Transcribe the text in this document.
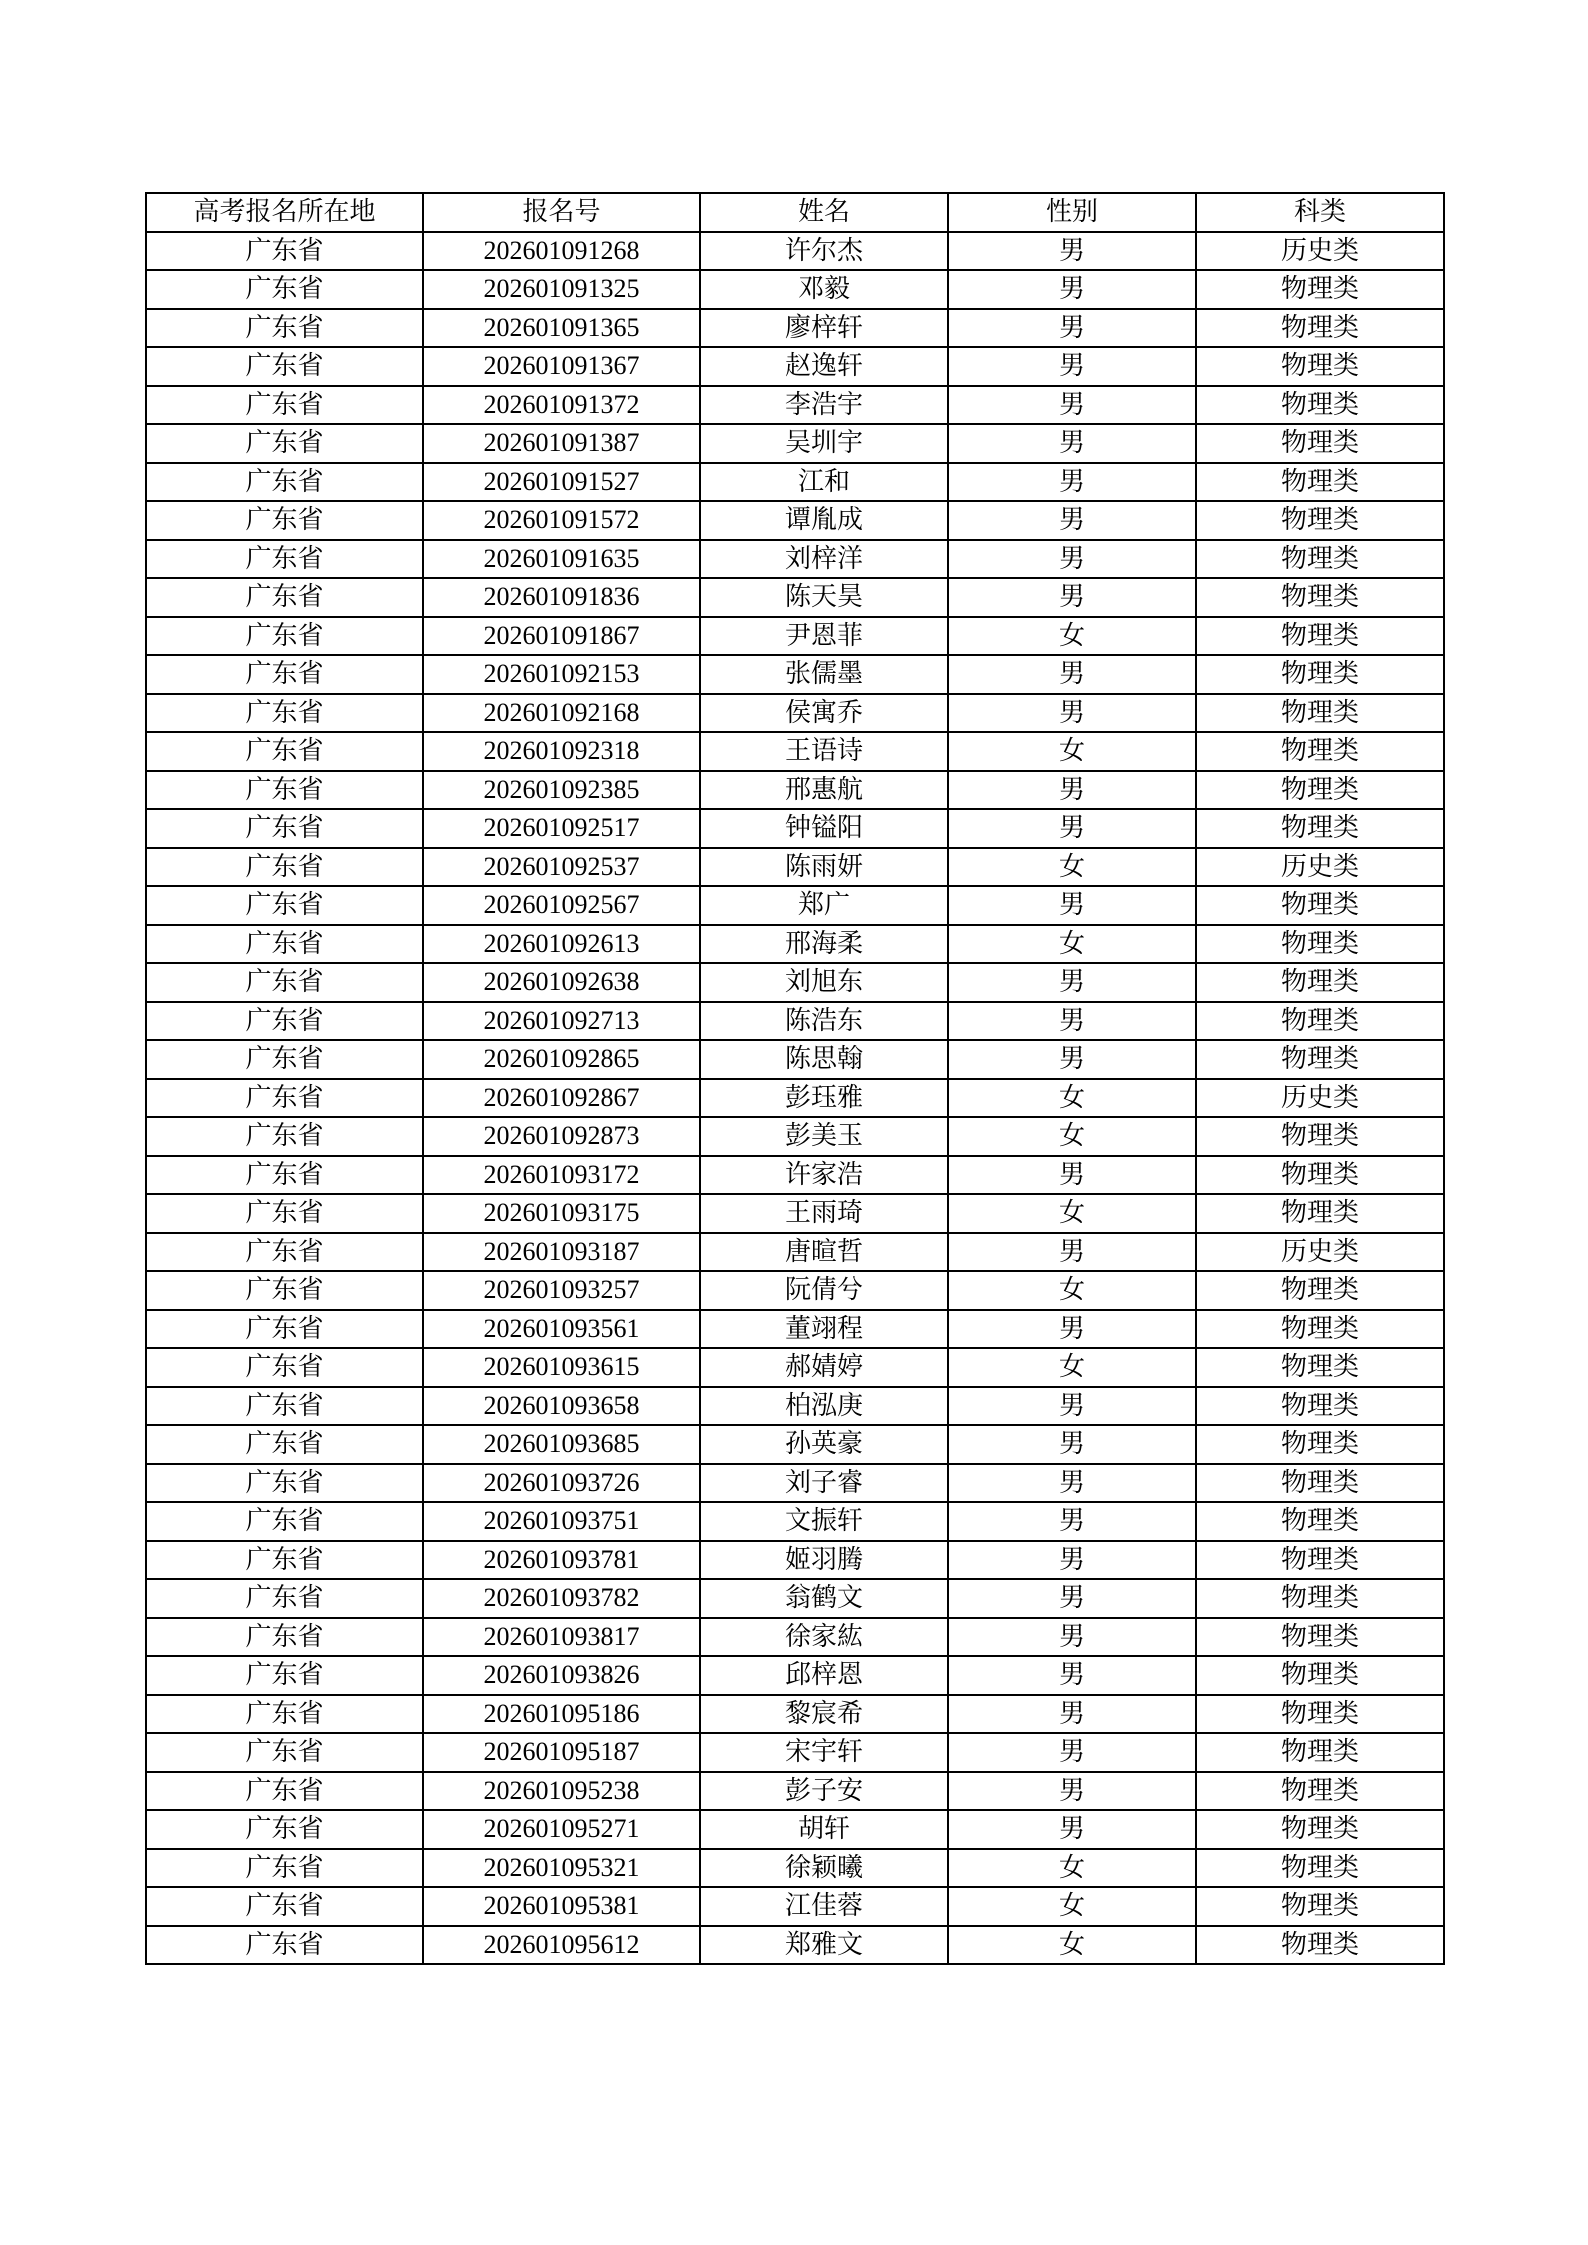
高考报名所在地	报名号	姓名	性别	科类
广东省	202601091268	许尔杰	男	历史类
广东省	202601091325	邓毅	男	物理类
广东省	202601091365	廖梓轩	男	物理类
广东省	202601091367	赵逸轩	男	物理类
广东省	202601091372	李浩宇	男	物理类
广东省	202601091387	吴圳宇	男	物理类
广东省	202601091527	江和	男	物理类
广东省	202601091572	谭胤成	男	物理类
广东省	202601091635	刘梓洋	男	物理类
广东省	202601091836	陈天昊	男	物理类
广东省	202601091867	尹恩菲	女	物理类
广东省	202601092153	张儒墨	男	物理类
广东省	202601092168	侯寓乔	男	物理类
广东省	202601092318	王语诗	女	物理类
广东省	202601092385	邢惠航	男	物理类
广东省	202601092517	钟镒阳	男	物理类
广东省	202601092537	陈雨妍	女	历史类
广东省	202601092567	郑广	男	物理类
广东省	202601092613	邢海柔	女	物理类
广东省	202601092638	刘旭东	男	物理类
广东省	202601092713	陈浩东	男	物理类
广东省	202601092865	陈思翰	男	物理类
广东省	202601092867	彭珏雅	女	历史类
广东省	202601092873	彭美玉	女	物理类
广东省	202601093172	许家浩	男	物理类
广东省	202601093175	王雨琦	女	物理类
广东省	202601093187	唐暄哲	男	历史类
广东省	202601093257	阮倩兮	女	物理类
广东省	202601093561	董翊程	男	物理类
广东省	202601093615	郝婧婷	女	物理类
广东省	202601093658	柏泓庚	男	物理类
广东省	202601093685	孙英豪	男	物理类
广东省	202601093726	刘子睿	男	物理类
广东省	202601093751	文振轩	男	物理类
广东省	202601093781	姬羽腾	男	物理类
广东省	202601093782	翁鹤文	男	物理类
广东省	202601093817	徐家紘	男	物理类
广东省	202601093826	邱梓恩	男	物理类
广东省	202601095186	黎宸希	男	物理类
广东省	202601095187	宋宇轩	男	物理类
广东省	202601095238	彭子安	男	物理类
广东省	202601095271	胡轩	男	物理类
广东省	202601095321	徐颖曦	女	物理类
广东省	202601095381	江佳蓉	女	物理类
广东省	202601095612	郑雅文	女	物理类
